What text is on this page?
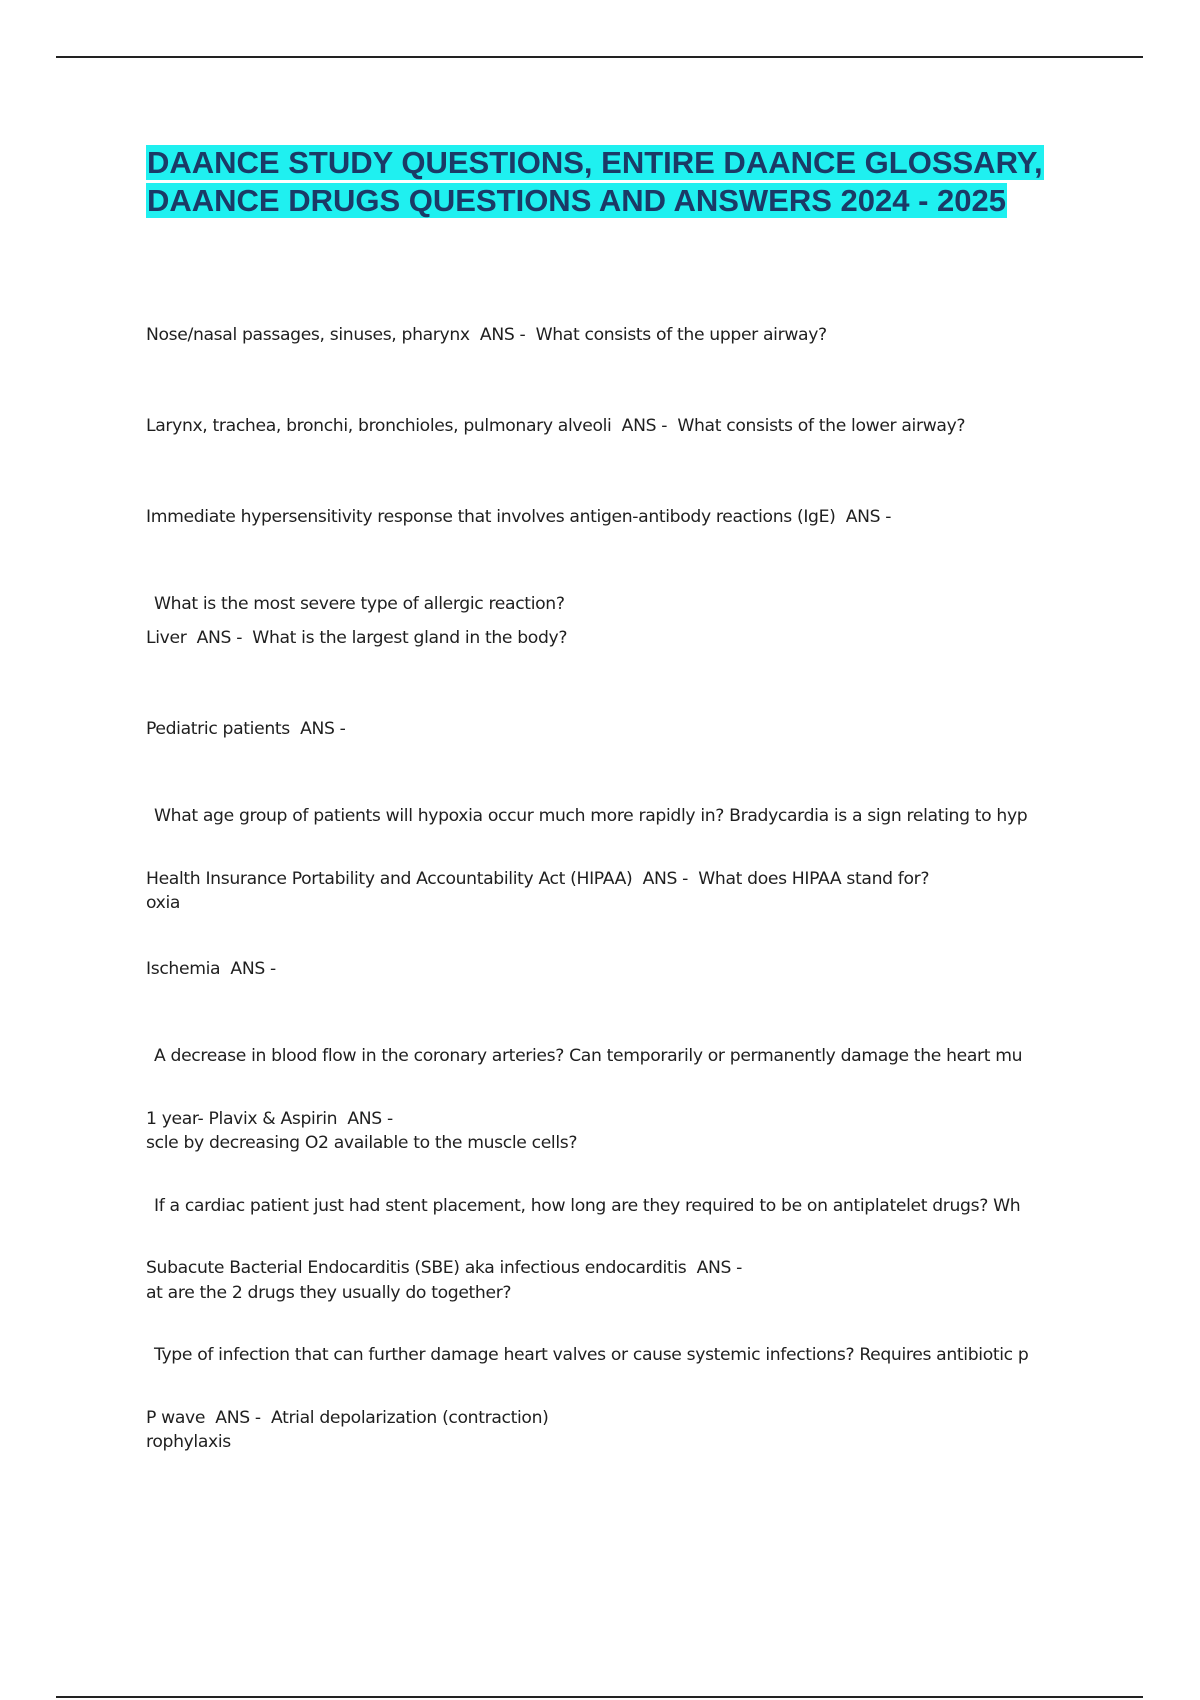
DAANCE STUDY QUESTIONS, ENTIRE DAANCE GLOSSARY,
DAANCE DRUGS QUESTIONS AND ANSWERS 2024 - 2025

Nose/nasal passages, sinuses, pharynx  ANS -  What consists of the upper airway?

Larynx, trachea, bronchi, bronchioles, pulmonary alveoli  ANS -  What consists of the lower airway?

Immediate hypersensitivity response that involves antigen-antibody reactions (IgE)  ANS -

What is the most severe type of allergic reaction?

Liver  ANS -  What is the largest gland in the body?

Pediatric patients  ANS -

What age group of patients will hypoxia occur much more rapidly in? Bradycardia is a sign relating to hyp

oxia

Health Insurance Portability and Accountability Act (HIPAA)  ANS -  What does HIPAA stand for?

Ischemia  ANS -

A decrease in blood flow in the coronary arteries? Can temporarily or permanently damage the heart mu

scle by decreasing O2 available to the muscle cells?

1 year- Plavix & Aspirin  ANS -

If a cardiac patient just had stent placement, how long are they required to be on antiplatelet drugs? Wh

at are the 2 drugs they usually do together?

Subacute Bacterial Endocarditis (SBE) aka infectious endocarditis  ANS -

Type of infection that can further damage heart valves or cause systemic infections? Requires antibiotic p

rophylaxis

P wave  ANS -  Atrial depolarization (contraction)
